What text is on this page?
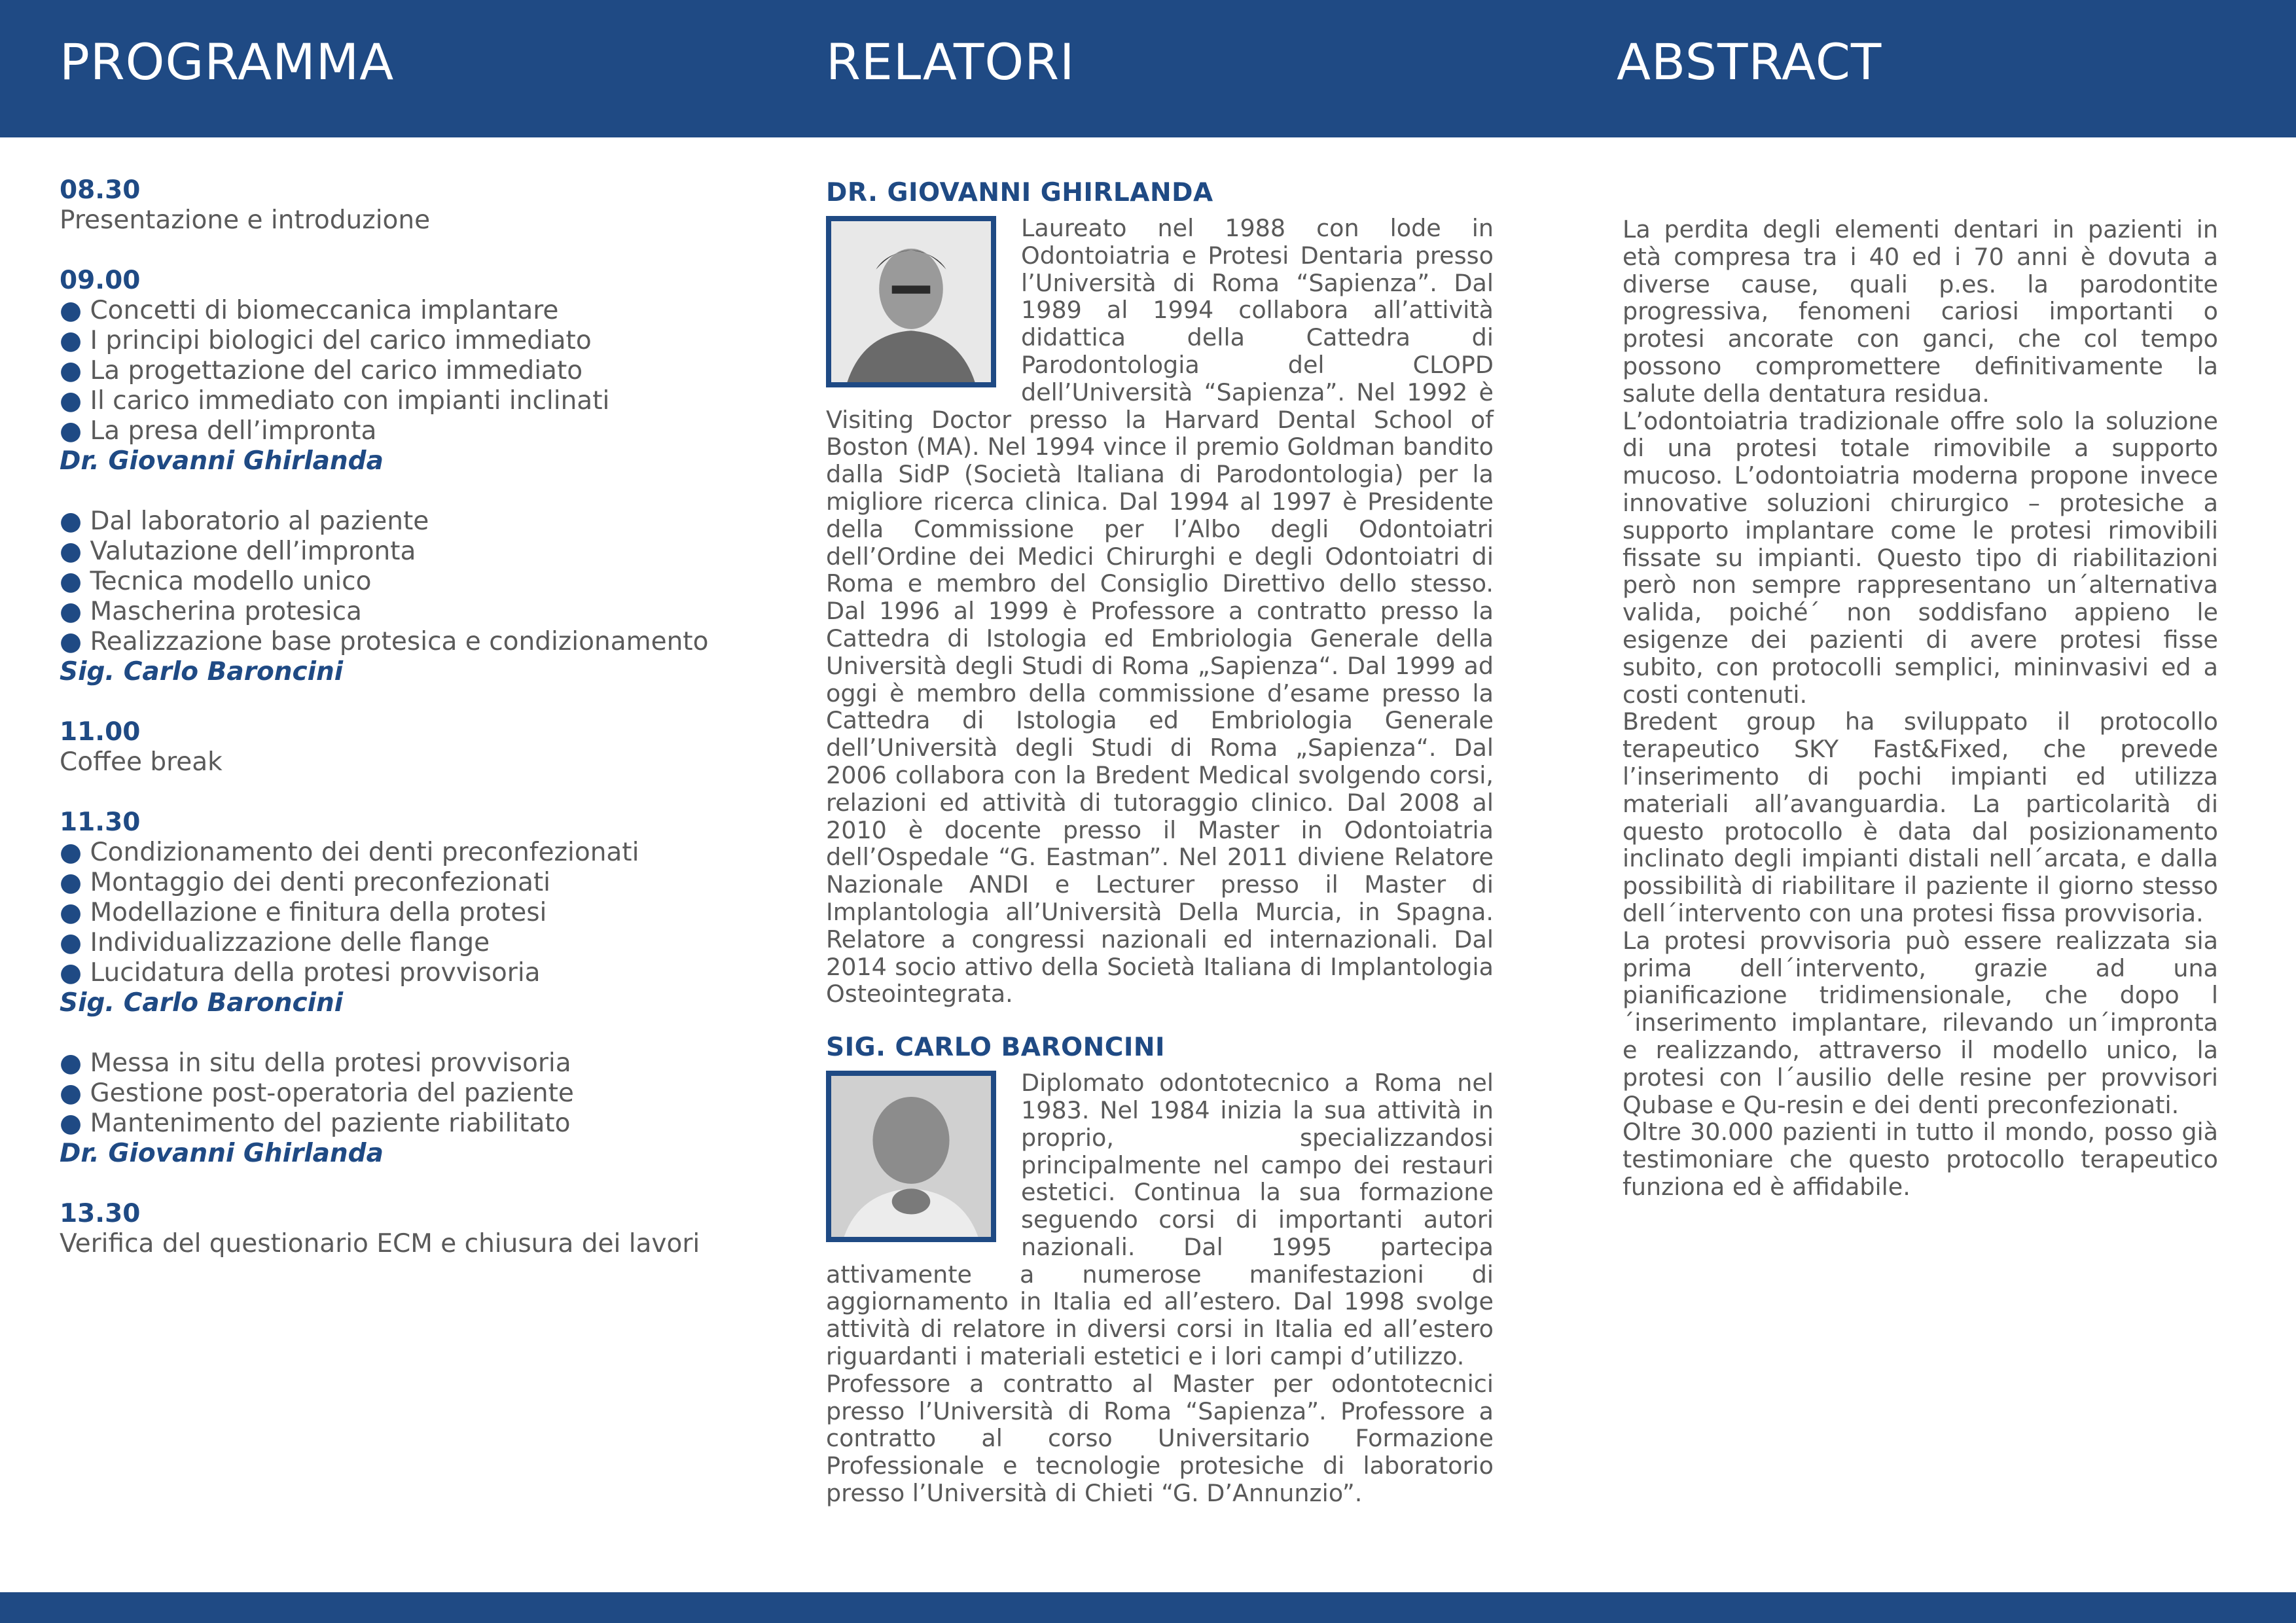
PROGRAMMA	RELATORI	ABSTRACT
08.30
Presentazione e introduzione
09.00
● Concetti di biomeccanica implantare
● I principi biologici del carico immediato
● La progettazione del carico immediato
● Il carico immediato con impianti inclinati
● La presa dell’impronta
Dr. Giovanni Ghirlanda
● Dal laboratorio al paziente
● Valutazione dell’impronta
● Tecnica modello unico
● Mascherina protesica
● Realizzazione base protesica e condizionamento
Sig. Carlo Baroncini
11.00
Coffee break
11.30
● Condizionamento dei denti preconfezionati
● Montaggio dei denti preconfezionati
● Modellazione e finitura della protesi
● Individualizzazione delle flange
● Lucidatura della protesi provvisoria
Sig. Carlo Baroncini
● Messa in situ della protesi provvisoria
● Gestione post-operatoria del paziente
● Mantenimento del paziente riabilitato
Dr. Giovanni Ghirlanda
13.30
Verifica del questionario ECM e chiusura dei lavori
DR. GIOVANNI GHIRLANDA
Laureato nel 1988 con lode in Odontoiatria e Protesi Dentaria presso l’Università di Roma “Sapienza”. Dal 1989 al 1994 collabora all’attività didattica della Cattedra di Parodontologia del CLOPD dell’Università “Sapienza”. Nel 1992 è Visiting Doctor presso la Harvard Dental School of Boston (MA). Nel 1994 vince il premio Goldman bandito dalla SidP (Società Italiana di Parodontologia) per la migliore ricerca clinica. Dal 1994 al 1997 è Presidente della Commissione per l’Albo degli Odontoiatri dell’Ordine dei Medici Chirurghi e degli Odontoiatri di Roma e membro del Consiglio Direttivo dello stesso. Dal 1996 al 1999 è Professore a contratto presso la Cattedra di Istologia ed Embriologia Generale della Università degli Studi di Roma „Sapienza“. Dal 1999 ad oggi è membro della commissione d’esame presso la Cattedra di Istologia ed Embriologia Generale dell’Università degli Studi di Roma „Sapienza“. Dal 2006 collabora con la Bredent Medical svolgendo corsi, relazioni ed attività di tutoraggio clinico. Dal 2008 al 2010 è docente presso il Master in Odontoiatria dell’Ospedale “G. Eastman”. Nel 2011 diviene Relatore Nazionale ANDI e Lecturer presso il Master di Implantologia all’Università Della Murcia, in Spagna. Relatore a congressi nazionali ed internazionali. Dal 2014 socio attivo della Società Italiana di Implantologia Osteointegrata.
SIG. CARLO BARONCINI
Diplomato odontotecnico a Roma nel 1983. Nel 1984 inizia la sua attività in proprio, specializzandosi principalmente nel campo dei restauri estetici. Continua la sua formazione seguendo corsi di importanti autori nazionali. Dal 1995 partecipa attivamente a numerose manifestazioni di aggiornamento in Italia ed all’estero. Dal 1998 svolge attività di relatore in diversi corsi in Italia ed all’estero riguardanti i materiali estetici e i lori campi d’utilizzo.
Professore a contratto al Master per odontotecnici presso l’Università di Roma “Sapienza”. Professore a contratto al corso Universitario Formazione Professionale e tecnologie protesiche di laboratorio presso l’Università di Chieti “G. D’Annunzio”.

La perdita degli elementi dentari in pazienti in età compresa tra i 40 ed i 70 anni è dovuta a diverse cause, quali p.es. la parodontite progressiva, fenomeni cariosi importanti o protesi ancorate con ganci, che col tempo possono compromettere definitivamente la salute della dentatura residua.

L’odontoiatria tradizionale offre solo la soluzione di una protesi totale rimovibile a supporto mucoso. L’odontoiatria moderna propone invece innovative soluzioni chirurgico – protesiche a supporto implantare come le protesi rimovibili fissate su impianti. Questo tipo di riabilitazioni però non sempre rappresentano un´alternativa valida, poiché´ non soddisfano appieno le esigenze dei pazienti di avere protesi fisse subito, con protocolli semplici, mininvasivi ed a costi contenuti.

Bredent group ha sviluppato il protocollo terapeutico SKY Fast&Fixed, che prevede l’inserimento di pochi impianti ed utilizza materiali all’avanguardia. La particolarità di questo protocollo è data dal posizionamento inclinato degli impianti distali nell´arcata, e dalla possibilità di riabilitare il paziente il giorno stesso dell´intervento con una protesi fissa provvisoria.

La protesi provvisoria può essere realizzata sia prima dell´intervento, grazie ad una pianificazione tridimensionale, che dopo l´inserimento implantare, rilevando un´impronta e realizzando, attraverso il modello unico, la protesi con l´ausilio delle resine per provvisori Qubase e Qu-resin e dei denti preconfezionati.

Oltre 30.000 pazienti in tutto il mondo, posso già testimoniare che questo protocollo terapeutico funziona ed è affidabile.
